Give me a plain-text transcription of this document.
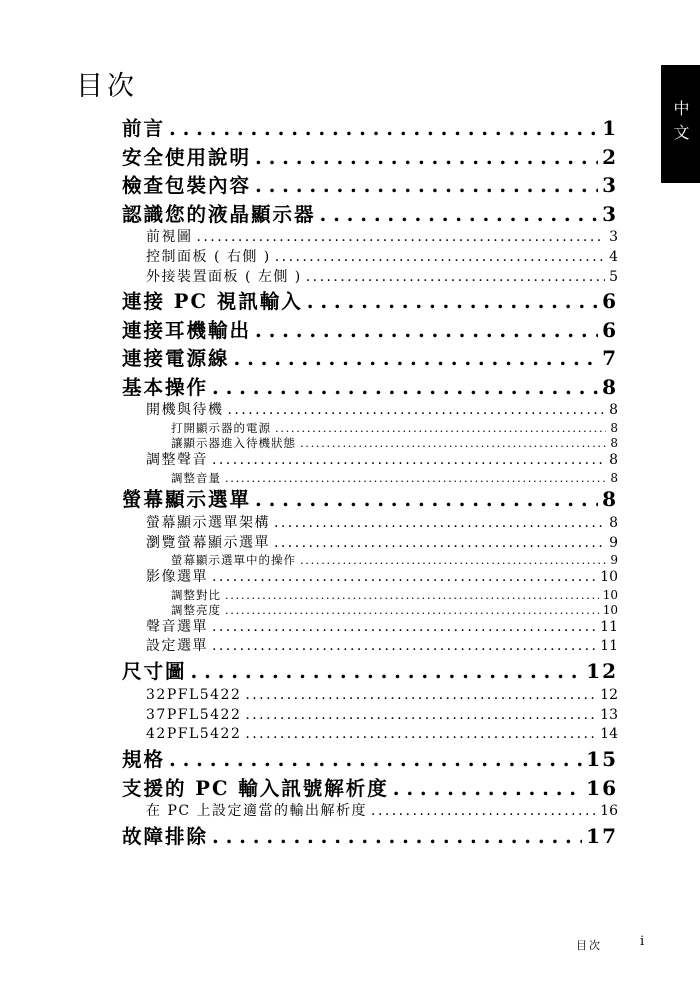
目次
中文
前言 . . .	1
安全使用說明 . . .	2
檢查包裝內容 . . .	3
認識您的液晶顯示器 . . .	3
前視圖 . . .	3
控制面板 ( 右側 ) . . .	4
外接裝置面板 ( 左側 ) . . .	5
連接 PC 視訊輸入 . . .	6
連接耳機輸出 . . .	6
連接電源線 . . .	7
基本操作 . . .	8
開機與待機 . . .	8
打開顯示器的電源 . . .	8
讓顯示器進入待機狀態 . . .	8
調整聲音 . . .	8
調整音量 . . .	8
螢幕顯示選單 . . .	8
螢幕顯示選單架構 . . .	8
瀏覽螢幕顯示選單 . . .	9
螢幕顯示選單中的操作 . . .	9
影像選單 . . .	10
調整對比 . . .	10
調整亮度 . . .	10
聲音選單 . . .	11
設定選單 . . .	11
尺寸圖 . . .	12
32PFL5422 . . .	12
37PFL5422 . . .	13
42PFL5422 . . .	14
規格 . . .	15
支援的 PC 輸入訊號解析度 . . .	16
在 PC 上設定適當的輸出解析度 . . .	16
故障排除 . . .	17
目次	i
